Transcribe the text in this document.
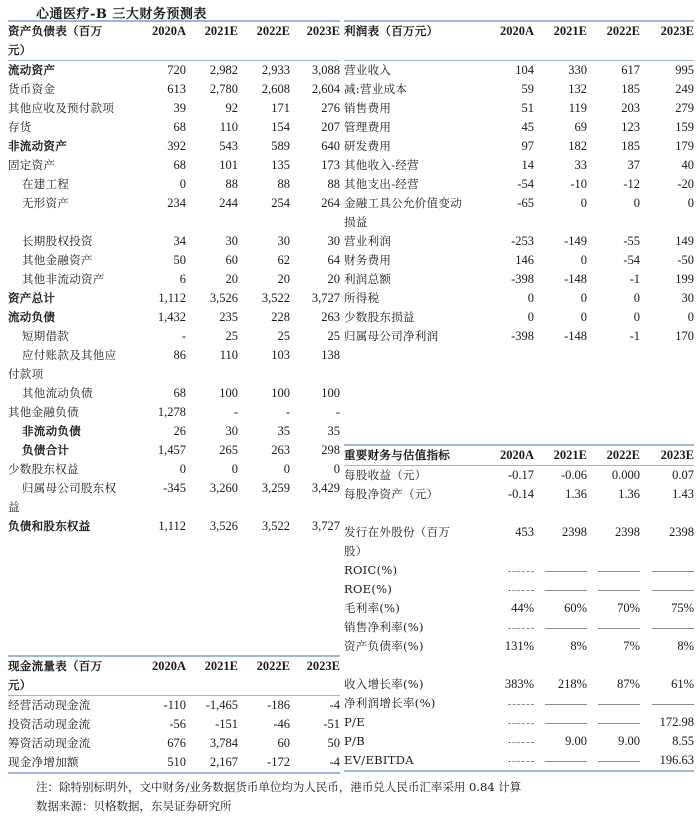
心通医疗-B 三大财务预测表
资产负债表（百万	2020A	2021E	2022E	2023E
元）				
流动资产	720	2,982	2,933	3,088
货币资金	613	2,780	2,608	2,604
其他应收及预付款项	39	92	171	276
存货	68	110	154	207
非流动资产	392	543	589	640
固定资产	68	101	135	173
在建工程	0	88	88	88
无形资产	234	244	254	264

长期股权投资	34	30	30	30
其他金融资产	50	60	62	64
其他非流动资产	6	20	20	20
资产总计	1,112	3,526	3,522	3,727
流动负债	1,432	235	228	263
短期借款	-	25	25	25
应付账款及其他应	86	110	103	138
付款项				
其他流动负债	68	100	100	100
其他金融负债	1,278	-	-	-
非流动负债	26	30	35	35
负债合计	1,457	265	263	298
少数股东权益	0	0	0	0
归属母公司股东权	-345	3,260	3,259	3,429
益				
负债和股东权益	1,112	3,526	3,522	3,727
利润表（百万元）	2020A	2021E	2022E	2023E

营业收入	104	330	617	995
减:营业成本	59	132	185	249
销售费用	51	119	203	279
管理费用	45	69	123	159
研发费用	97	182	185	179
其他收入-经营	14	33	37	40
其他支出-经营	-54	-10	-12	-20
金融工具公允价值变动	-65	0	0	0
损益				
营业利润	-253	-149	-55	149
财务费用	146	0	-54	-50
利润总额	-398	-148	-1	199
所得税	0	0	0	30
少数股东损益	0	0	0	0
归属母公司净利润	-398	-148	-1	170
重要财务与估值指标	2020A	2021E	2022E	2023E
每股收益（元）	-0.17	-0.06	0.000	0.07
每股净资产（元）	-0.14	1.36	1.36	1.43

发行在外股份（百万	453	2398	2398	2398
股）				
ROIC(%)				
ROE(%)				
毛利率(%)	44%	60%	70%	75%
销售净利率(%)				
资产负债率(%)	131%	8%	7%	8%

收入增长率(%)	383%	218%	87%	61%
净利润增长率(%)				
P/E				172.98
P/B		9.00	9.00	8.55
EV/EBITDA				196.63
现金流量表（百万	2020A	2021E	2022E	2023E
元）				
经营活动现金流	-110	-1,465	-186	-4
投资活动现金流	-56	-151	-46	-51
筹资活动现金流	676	3,784	60	50
现金净增加额	510	2,167	-172	-4
注：除特别标明外，文中财务/业务数据货币单位均为人民币，港币兑人民币汇率采用 0.84 计算
数据来源：贝格数据，东吴证券研究所
